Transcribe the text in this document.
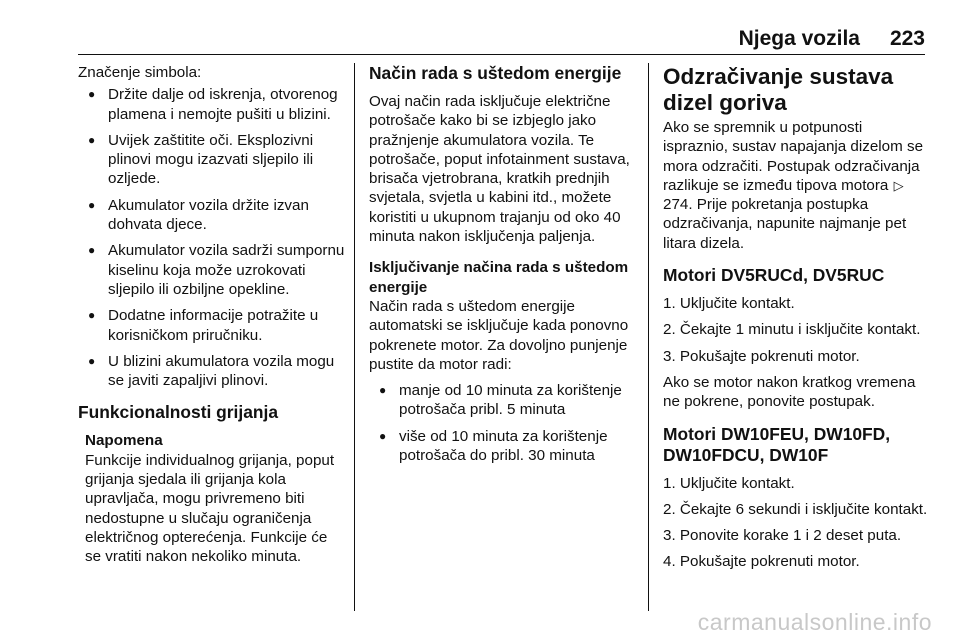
Njega vozila 223

Značenje simbola:

● Držite dalje od iskrenja, otvorenog plamena i nemojte pušiti u blizini.
● Uvijek zaštitite oči. Eksplozivni plinovi mogu izazvati sljepilo ili ozljede.
● Akumulator vozila držite izvan dohvata djece.
● Akumulator vozila sadrži sumpornu kiselinu koja može uzrokovati sljepilo ili ozbiljne opekline.
● Dodatne informacije potražite u korisničkom priručniku.
● U blizini akumulatora vozila mogu se javiti zapaljivi plinovi.
Funkcionalnosti grijanja

Napomena

Funkcije individualnog grijanja, poput grijanja sjedala ili grijanja kola upravljača, mogu privremeno biti nedostupne u slučaju ograničenja električnog opterećenja. Funkcije će se vratiti nakon nekoliko minuta.

Način rada s uštedom energije

Ovaj način rada isključuje električne potrošače kako bi se izbjeglo jako pražnjenje akumulatora vozila. Te potrošače, poput infotainment sustava, brisača vjetrobrana, kratkih prednjih svjetala, svjetla u kabini itd., možete koristiti u ukupnom trajanju od oko 40 minuta nakon isključenja paljenja.

Isključivanje načina rada s uštedom energije

Način rada s uštedom energije automatski se isključuje kada ponovno pokrenete motor. Za dovoljno punjenje pustite da motor radi:

● manje od 10 minuta za korištenje potrošača pribl. 5 minuta
● više od 10 minuta za korištenje potrošača do pribl. 30 minuta
Odzračivanje sustava dizel goriva

Ako se spremnik u potpunosti ispraznio, sustav napajanja dizelom se mora odzračiti. Postupak odzračivanja razlikuje se između tipova motora ▷274. Prije pokretanja postupka odzračivanja, napunite najmanje pet litara dizela.

Motori DV5RUCd, DV5RUC

1. Uključite kontakt.

2. Čekajte 1 minutu i isključite kontakt.

3. Pokušajte pokrenuti motor.

Ako se motor nakon kratkog vremena ne pokrene, ponovite postupak.

Motori DW10FEU, DW10FD, DW10FDCU, DW10F

1. Uključite kontakt.

2. Čekajte 6 sekundi i isključite kontakt.

3. Ponovite korake 1 i 2 deset puta.

4. Pokušajte pokrenuti motor.

carmanualsonline.info
